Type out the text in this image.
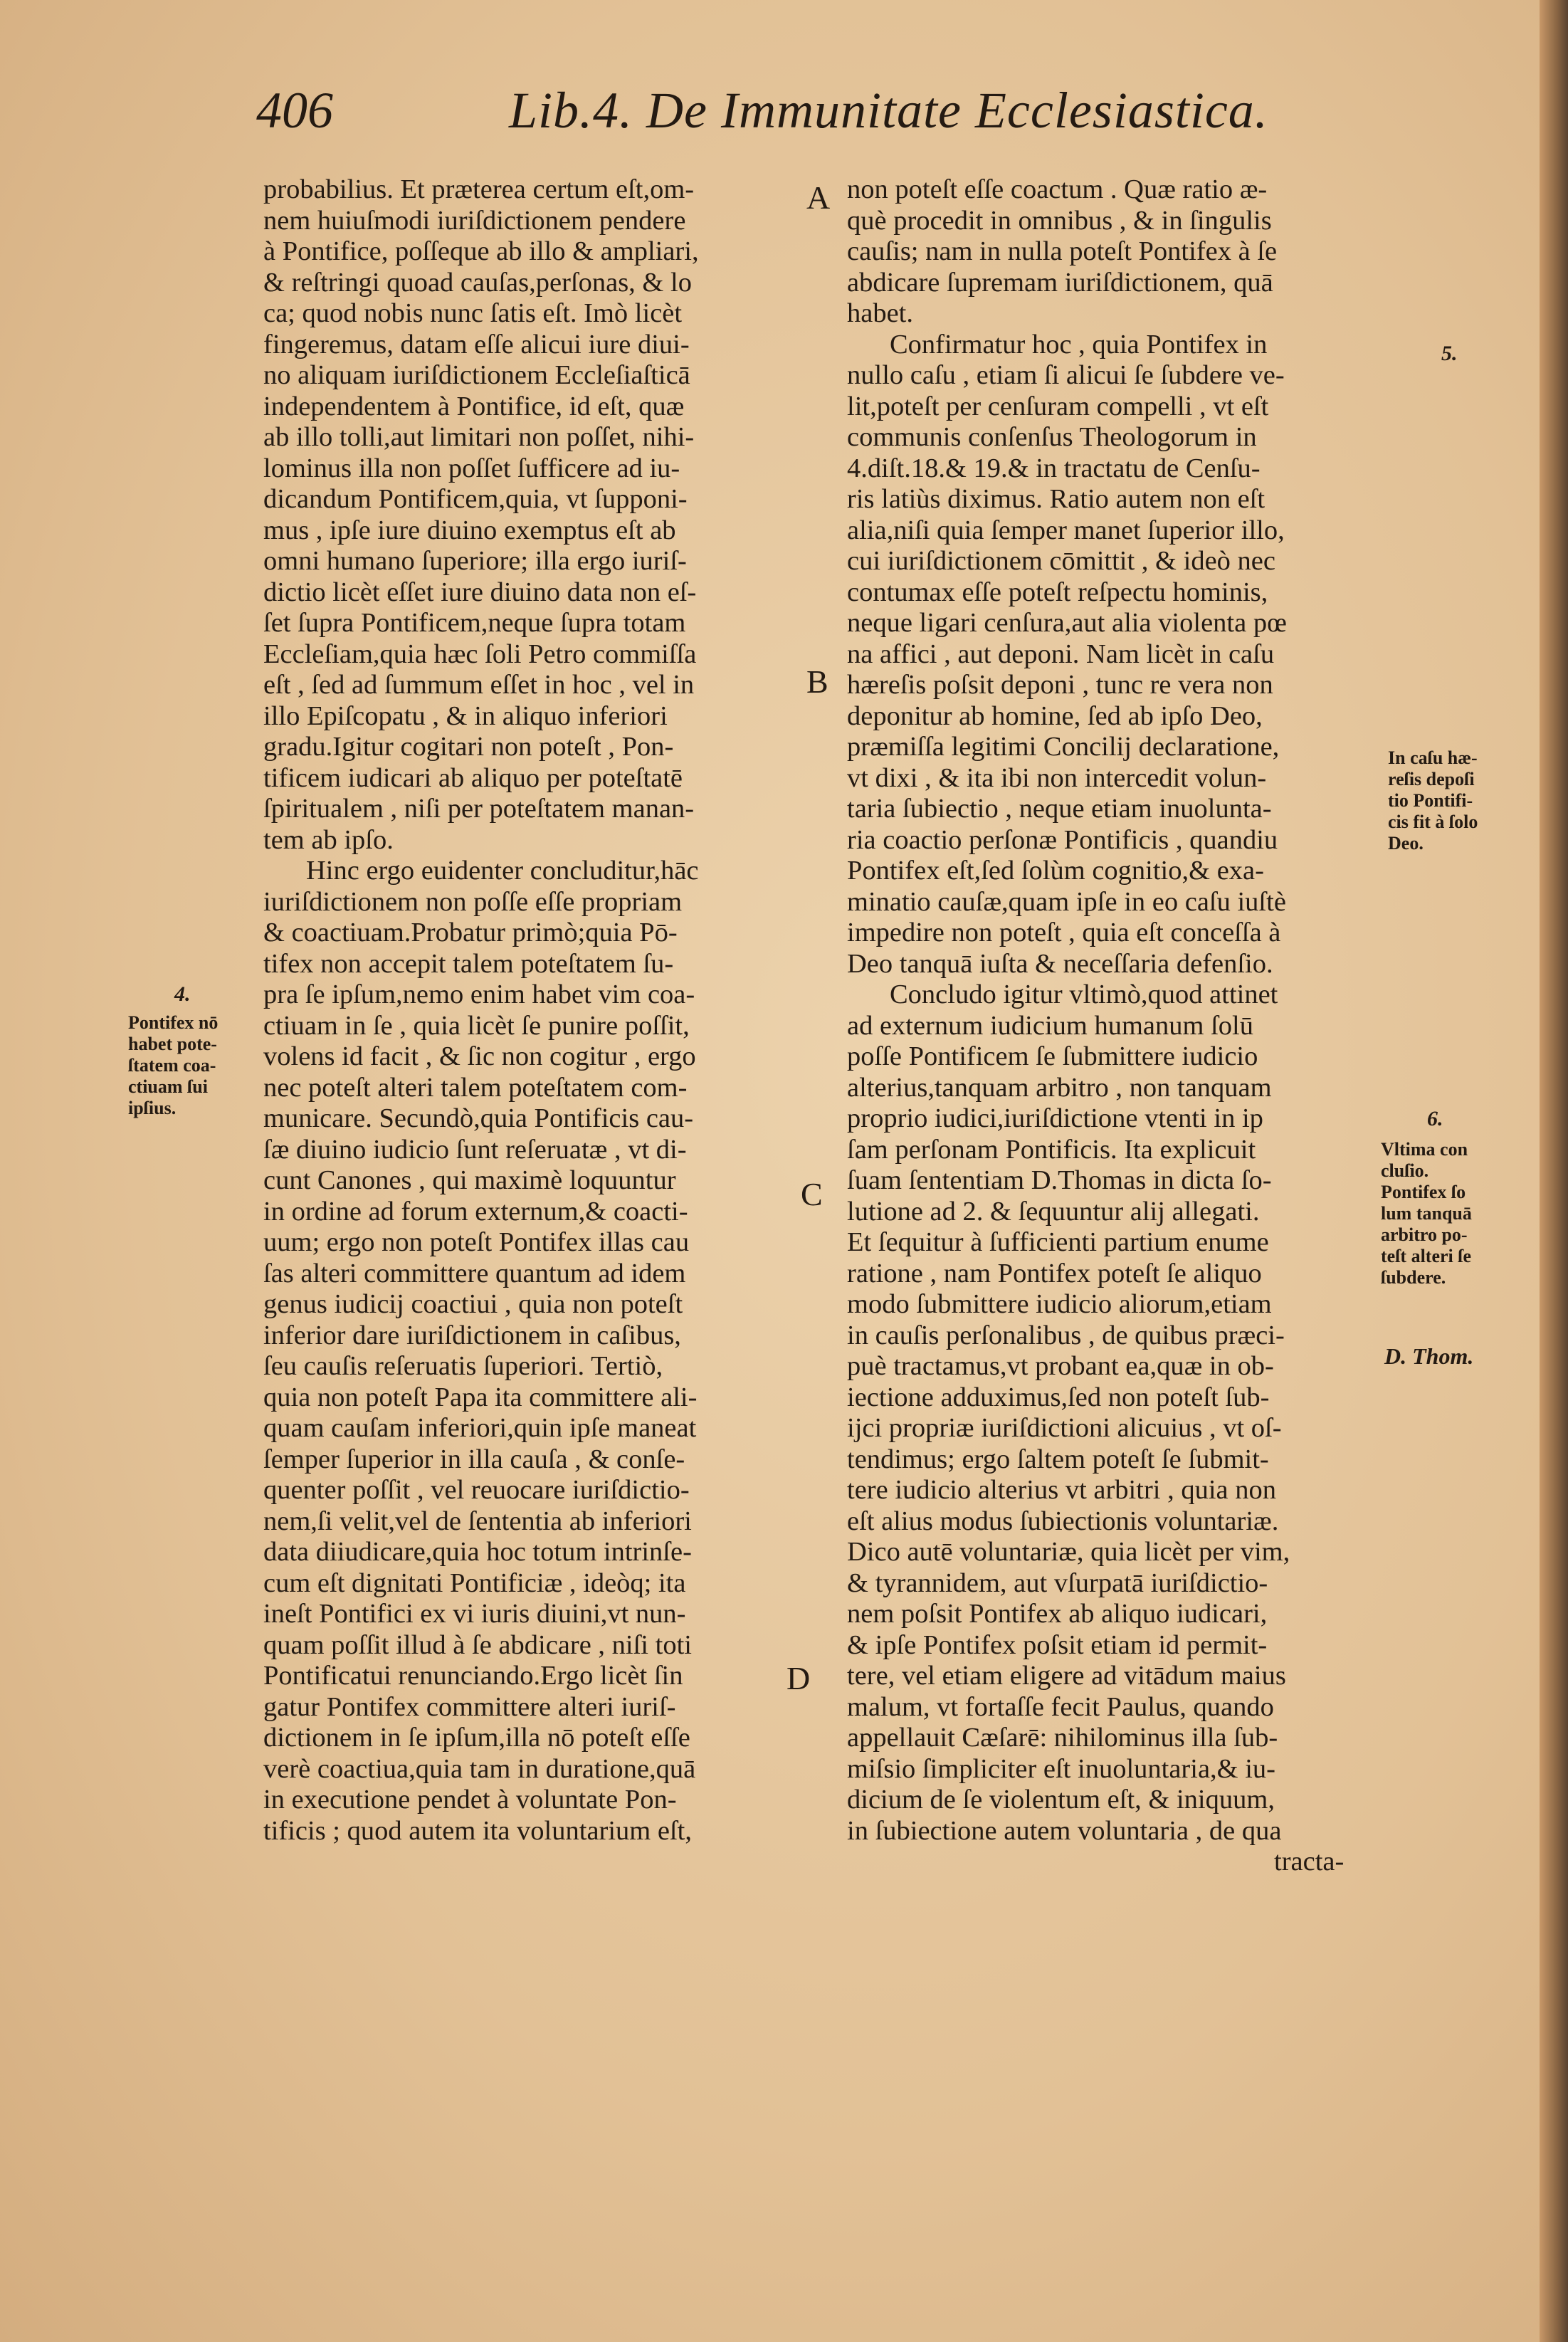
406	Lib.4. De Immunitate Ecclesiastica.
A
B
C
D
probabilius. Et prӕterea certum eſt,om-
nem huiuſmodi iuriſdictionem pendere
à Pontifice, poſſeque ab illo & ampliari,
& reſtringi quoad cauſas,perſonas, & lo
ca; quod nobis nunc ſatis eſt. Imò licèt
fingeremus, datam eſſe alicui iure diui-
no aliquam iuriſdictionem Eccleſiaſticā
independentem à Pontifice, id eſt, quæ
ab illo tolli,aut limitari non poſſet, nihi-
lominus illa non poſſet ſufficere ad iu-
dicandum Pontificem,quia, vt ſupponi-
mus , ipſe iure diuino exemptus eſt ab
omni humano ſuperiore; illa ergo iuriſ-
dictio licèt eſſet iure diuino data non eſ-
ſet ſupra Pontificem,neque ſupra totam
Eccleſiam,quia hæc ſoli Petro commiſſa
eſt , ſed ad ſummum eſſet in hoc , vel in
illo Epiſcopatu , & in aliquo inferiori
gradu.Igitur cogitari non poteſt , Pon-
tificem iudicari ab aliquo per poteſtatē
ſpiritualem , niſi per poteſtatem manan-
tem ab ipſo.
Hinc ergo euidenter concluditur,hāc
iuriſdictionem non poſſe eſſe propriam
& coactiuam.Probatur primò;quia Pō-
tifex non accepit talem poteſtatem ſu-
pra ſe ipſum,nemo enim habet vim coa-
ctiuam in ſe , quia licèt ſe punire poſſit,
volens id facit , & ſic non cogitur , ergo
nec poteſt alteri talem poteſtatem com-
municare. Secundò,quia Pontificis cau-
ſæ diuino iudicio ſunt reſeruatæ , vt di-
cunt Canones , qui maximè loquuntur
in ordine ad forum externum,& coacti-
uum; ergo non poteſt Pontifex illas cau
ſas alteri committere quantum ad idem
genus iudicij coactiui , quia non poteſt
inferior dare iuriſdictionem in caſibus,
ſeu cauſis reſeruatis ſuperiori. Tertiò,
quia non poteſt Papa ita committere ali-
quam cauſam inferiori,quin ipſe maneat
ſemper ſuperior in illa cauſa , & conſe-
quenter poſſit , vel reuocare iuriſdictio-
nem,ſi velit,vel de ſententia ab inferiori
data diiudicare,quia hoc totum intrinſe-
cum eſt dignitati Pontificiæ , ideòq; ita
ineſt Pontifici ex vi iuris diuini,vt nun-
quam poſſit illud à ſe abdicare , niſi toti
Pontificatui renunciando.Ergo licèt ſin
gatur Pontifex committere alteri iuriſ-
dictionem in ſe ipſum,illa nō poteſt eſſe
verè coactiua,quia tam in duratione,quā
in executione pendet à voluntate Pon-
tificis ; quod autem ita voluntarium eſt,
non poteſt eſſe coactum . Quæ ratio æ-
què procedit in omnibus , & in ſingulis
cauſis; nam in nulla poteſt Pontifex à ſe
abdicare ſupremam iuriſdictionem, quā
habet.
Confirmatur hoc , quia Pontifex in
nullo caſu , etiam ſi alicui ſe ſubdere ve-
lit,poteſt per cenſuram compelli , vt eſt
communis conſenſus Theologorum in
4.diſt.18.& 19.& in tractatu de Cenſu-
ris latiùs diximus. Ratio autem non eſt
alia,niſi quia ſemper manet ſuperior illo,
cui iuriſdictionem cōmittit , & ideò nec
contumax eſſe poteſt reſpectu hominis,
neque ligari cenſura,aut alia violenta pœ
na affici , aut deponi. Nam licèt in caſu
hæreſis poſsit deponi , tunc re vera non
deponitur ab homine, ſed ab ipſo Deo,
præmiſſa legitimi Concilij declaratione,
vt dixi , & ita ibi non intercedit volun-
taria ſubiectio , neque etiam inuolunta-
ria coactio perſonæ Pontificis , quandiu
Pontifex eſt,ſed ſolùm cognitio,& exa-
minatio cauſæ,quam ipſe in eo caſu iuſtè
impedire non poteſt , quia eſt conceſſa à
Deo tanquā iuſta & neceſſaria defenſio.
Concludo igitur vltimò,quod attinet
ad externum iudicium humanum ſolū
poſſe Pontificem ſe ſubmittere iudicio
alterius,tanquam arbitro , non tanquam
proprio iudici,iuriſdictione vtenti in ip
ſam perſonam Pontificis. Ita explicuit
ſuam ſententiam D.Thomas in dicta ſo-
lutione ad 2. & ſequuntur alij allegati.
Et ſequitur à ſufficienti partium enume
ratione , nam Pontifex poteſt ſe aliquo
modo ſubmittere iudicio aliorum,etiam
in cauſis perſonalibus , de quibus præci-
puè tractamus,vt probant ea,quæ in ob-
iectione adduximus,ſed non poteſt ſub-
ijci propriæ iuriſdictioni alicuius , vt oſ-
tendimus; ergo ſaltem poteſt ſe ſubmit-
tere iudicio alterius vt arbitri , quia non
eſt alius modus ſubiectionis voluntariæ.
Dico autē voluntariæ, quia licèt per vim,
& tyrannidem, aut vſurpatā iuriſdictio-
nem poſsit Pontifex ab aliquo iudicari,
& ipſe Pontifex poſsit etiam id permit-
tere, vel etiam eligere ad vitādum maius
malum, vt fortaſſe fecit Paulus, quando
appellauit Cæſarē: nihilominus illa ſub-
miſsio ſimpliciter eſt inuoluntaria,& iu-
dicium de ſe violentum eſt, & iniquum,
in ſubiectione autem voluntaria , de qua
tracta-
4.
Pontifex nō
habet pote-
ſtatem coa-
ctiuam ſui
ipſius.
5.
In caſu hæ-
reſis depoſi
tio Pontifi-
cis fit à ſolo
Deo.
6.
Vltima con
cluſio.
Pontifex ſo
lum tanquā
arbitro po-
teſt alteri ſe
ſubdere.
D. Thom.
